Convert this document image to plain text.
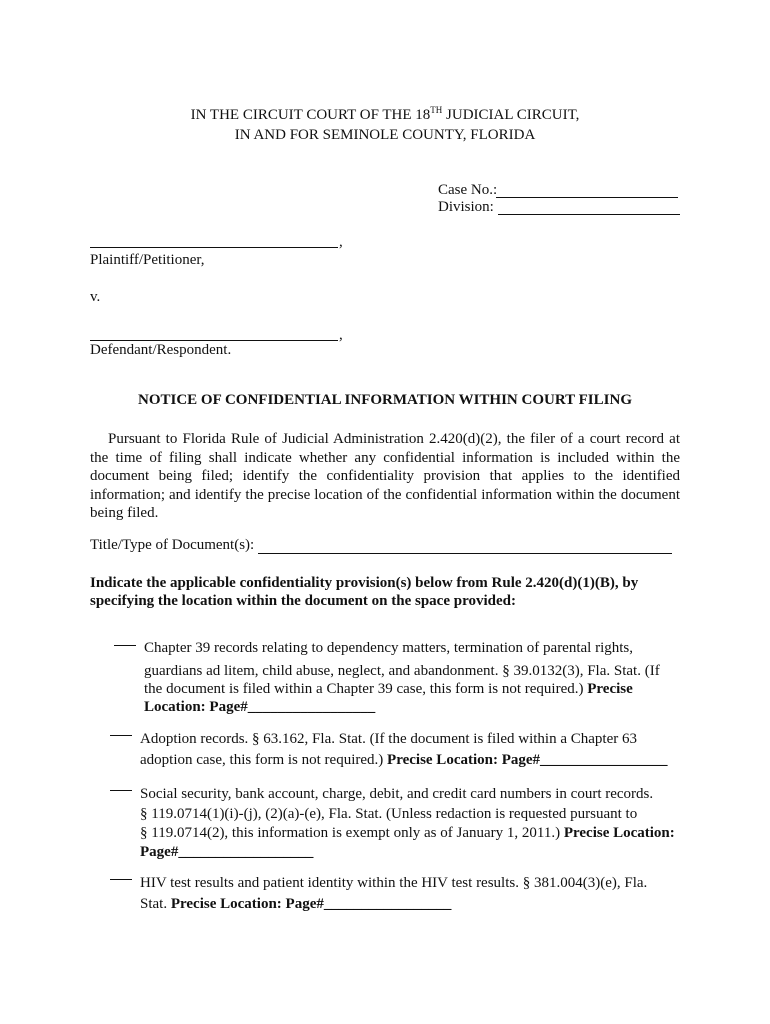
IN THE CIRCUIT COURT OF THE 18TH JUDICIAL CIRCUIT,
IN AND FOR SEMINOLE COUNTY, FLORIDA
Case No.:
Division:
,
Plaintiff/Petitioner,
v.
,
Defendant/Respondent.
NOTICE OF CONFIDENTIAL INFORMATION WITHIN COURT FILING
Pursuant to Florida Rule of Judicial Administration 2.420(d)(2), the filer of a court record at the time of filing shall indicate whether any confidential information is included within the document being filed; identify the confidentiality provision that applies to the identified information; and identify the precise location of the confidential information within the document being filed.
Title/Type of Document(s):
Indicate the applicable confidentiality provision(s) below from Rule 2.420(d)(1)(B), by
specifying the location within the document on the space provided:
Chapter 39 records relating to dependency matters, termination of parental rights,
guardians ad litem, child abuse, neglect, and abandonment. § 39.0132(3), Fla. Stat. (If
the document is filed within a Chapter 39 case, this form is not required.) Precise
Location: Page#_________________
Adoption records. § 63.162, Fla. Stat. (If the document is filed within a Chapter 63
adoption case, this form is not required.) Precise Location: Page#_________________
Social security, bank account, charge, debit, and credit card numbers in court records.
§ 119.0714(1)(i)-(j), (2)(a)-(e), Fla. Stat. (Unless redaction is requested pursuant to
§ 119.0714(2), this information is exempt only as of January 1, 2011.) Precise Location:
Page#__________________
HIV test results and patient identity within the HIV test results. § 381.004(3)(e), Fla.
Stat. Precise Location: Page#_________________
